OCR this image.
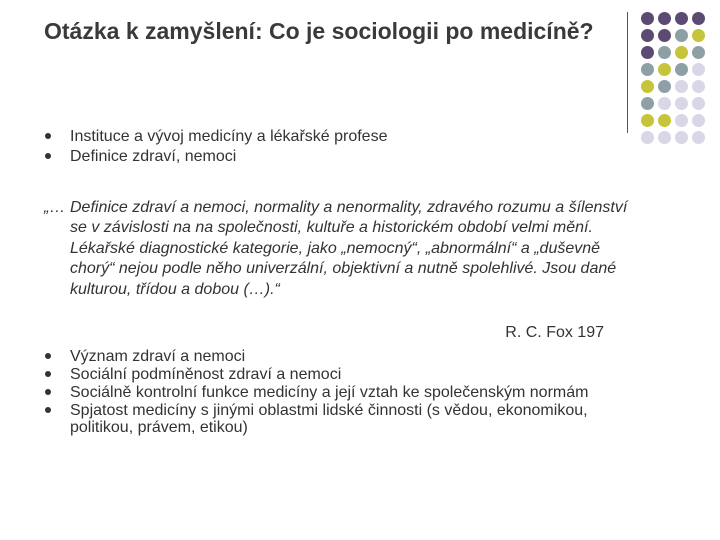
Otázka k zamyšlení: Co je sociologii po medicíně?
Instituce a vývoj medicíny a lékařské profese
Definice zdraví, nemoci

„… Definice zdraví a nemoci, normality a nenormality, zdravého rozumu a šílenství se v závislosti na na společnosti, kultuře a historickém období velmi mění. Lékařské diagnostické kategorie, jako „nemocný“, „abnormální“ a „duševně chorý“ nejou podle něho univerzální, objektivní a nutně spolehlivé. Jsou dané kulturou, třídou a dobou (…).“

R. C. Fox 197
Význam zdraví a nemoci
Sociální podmíněnost zdraví a nemoci
Sociálně kontrolní funkce medicíny a její vztah ke společenským normám
Spjatost medicíny s jinými oblastmi lidské činnosti (s vědou, ekonomikou, politikou, právem, etikou)
